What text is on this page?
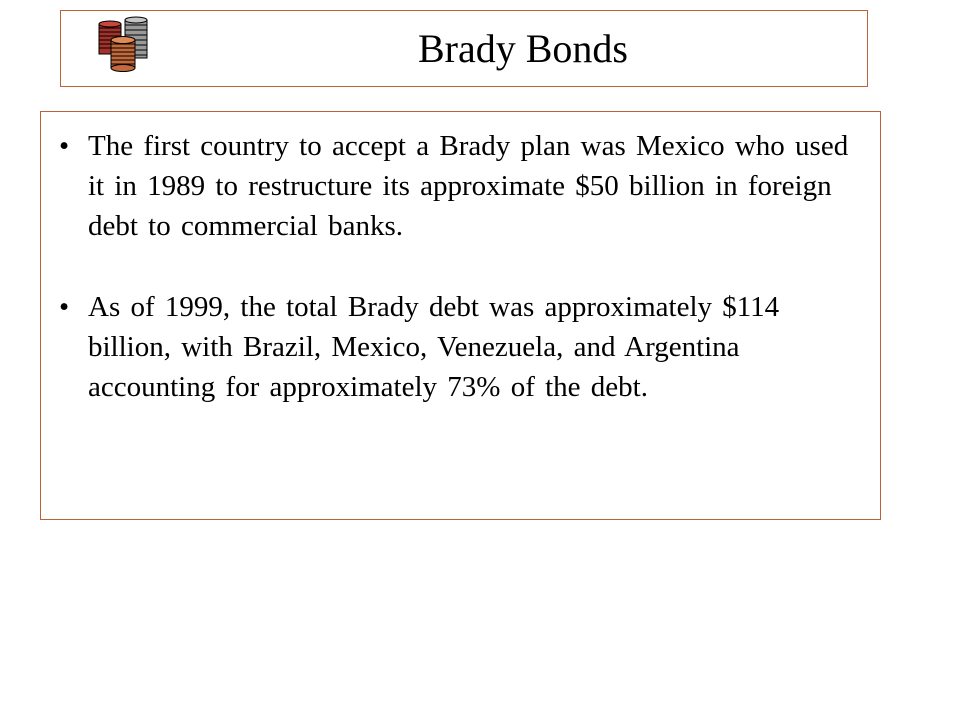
Brady Bonds
• The first country to accept a Brady plan was Mexico who used it in 1989 to restructure its approximate $50 billion in foreign debt to commercial banks.
• As of 1999, the total Brady debt was approximately $114 billion, with Brazil, Mexico, Venezuela, and Argentina accounting for approximately 73% of the debt.
